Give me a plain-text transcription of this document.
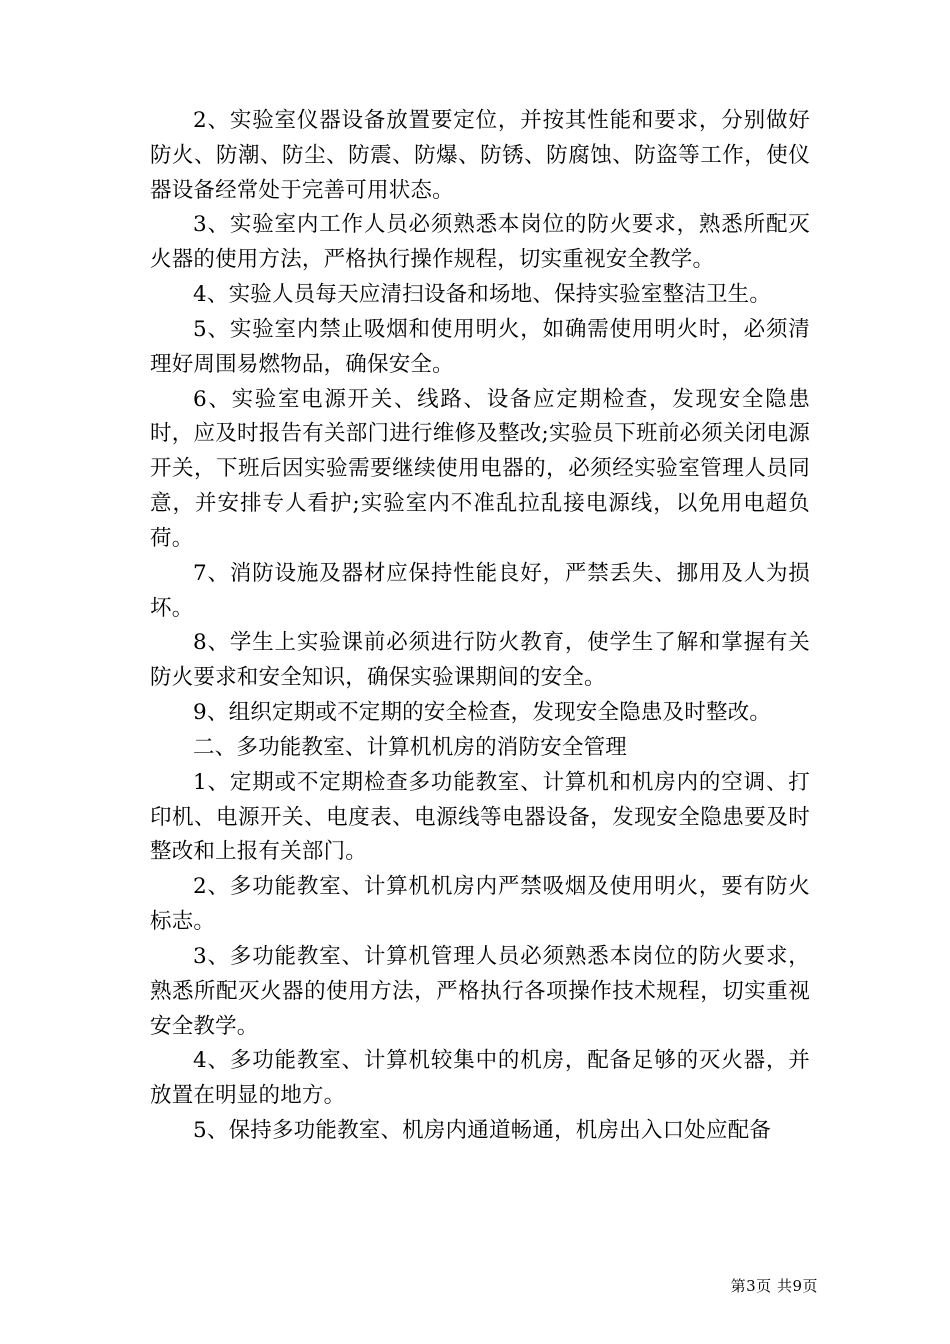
2、实验室仪器设备放置要定位，并按其性能和要求，分别做好防火、防潮、防尘、防震、防爆、防锈、防腐蚀、防盗等工作，使仪器设备经常处于完善可用状态。

3、实验室内工作人员必须熟悉本岗位的防火要求，熟悉所配灭火器的使用方法，严格执行操作规程，切实重视安全教学。

4、实验人员每天应清扫设备和场地、保持实验室整洁卫生。

5、实验室内禁止吸烟和使用明火，如确需使用明火时，必须清理好周围易燃物品，确保安全。

6、实验室电源开关、线路、设备应定期检查，发现安全隐患时，应及时报告有关部门进行维修及整改;实验员下班前必须关闭电源开关，下班后因实验需要继续使用电器的，必须经实验室管理人员同意，并安排专人看护;实验室内不准乱拉乱接电源线，以免用电超负荷。

7、消防设施及器材应保持性能良好，严禁丢失、挪用及人为损坏。

8、学生上实验课前必须进行防火教育，使学生了解和掌握有关防火要求和安全知识，确保实验课期间的安全。

9、组织定期或不定期的安全检查，发现安全隐患及时整改。

二、多功能教室、计算机机房的消防安全管理

1、定期或不定期检查多功能教室、计算机和机房内的空调、打印机、电源开关、电度表、电源线等电器设备，发现安全隐患要及时整改和上报有关部门。

2、多功能教室、计算机机房内严禁吸烟及使用明火，要有防火标志。

3、多功能教室、计算机管理人员必须熟悉本岗位的防火要求，熟悉所配灭火器的使用方法，严格执行各项操作技术规程，切实重视安全教学。

4、多功能教室、计算机较集中的机房，配备足够的灭火器，并放置在明显的地方。

5、保持多功能教室、机房内通道畅通，机房出入口处应配备

第3页 共9页
